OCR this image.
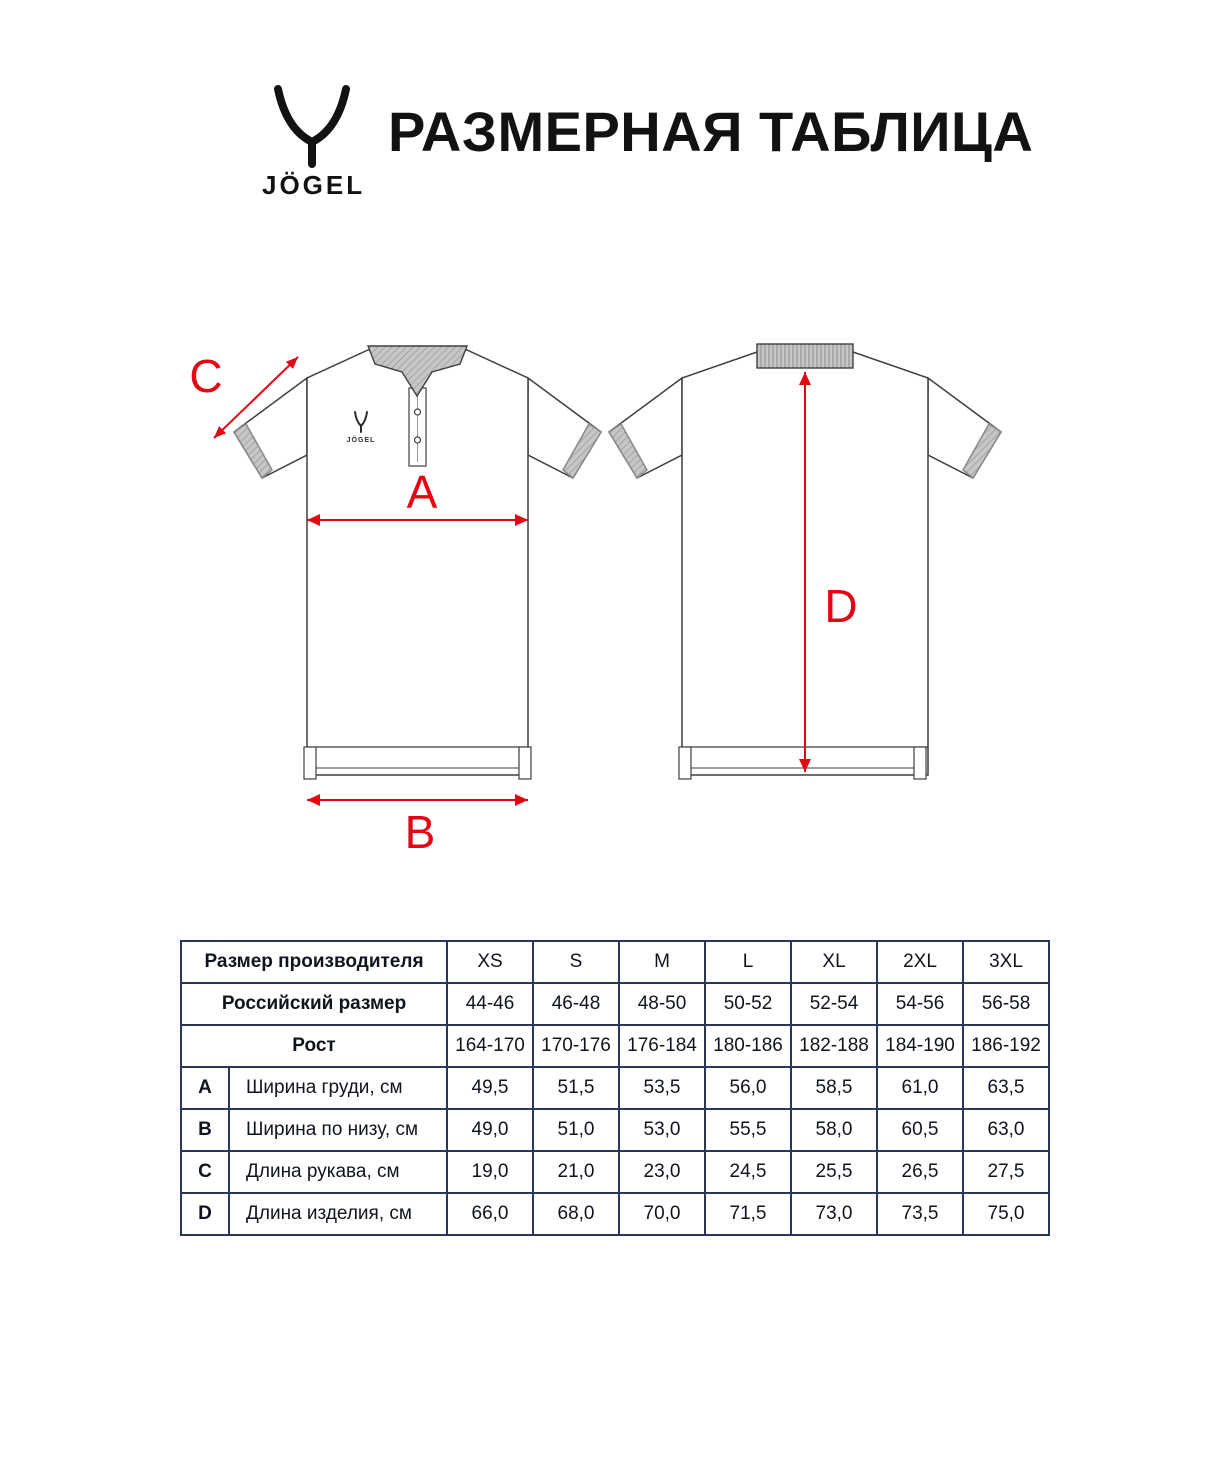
JÖGEL
РАЗМЕРНАЯ ТАБЛИЦА
JÖGEL
A
B
C
D
Размер производителя		XS	S	M	L	XL	2XL	3XL
Российский размер		44-46	46-48	48-50	50-52	52-54	54-56	56-58
Рост		164-170	170-176	176-184	180-186	182-188	184-190	186-192
A	Ширина груди, см	49,5	51,5	53,5	56,0	58,5	61,0	63,5
B	Ширина по низу, см	49,0	51,0	53,0	55,5	58,0	60,5	63,0
C	Длина рукава, см	19,0	21,0	23,0	24,5	25,5	26,5	27,5
D	Длина изделия, см	66,0	68,0	70,0	71,5	73,0	73,5	75,0
